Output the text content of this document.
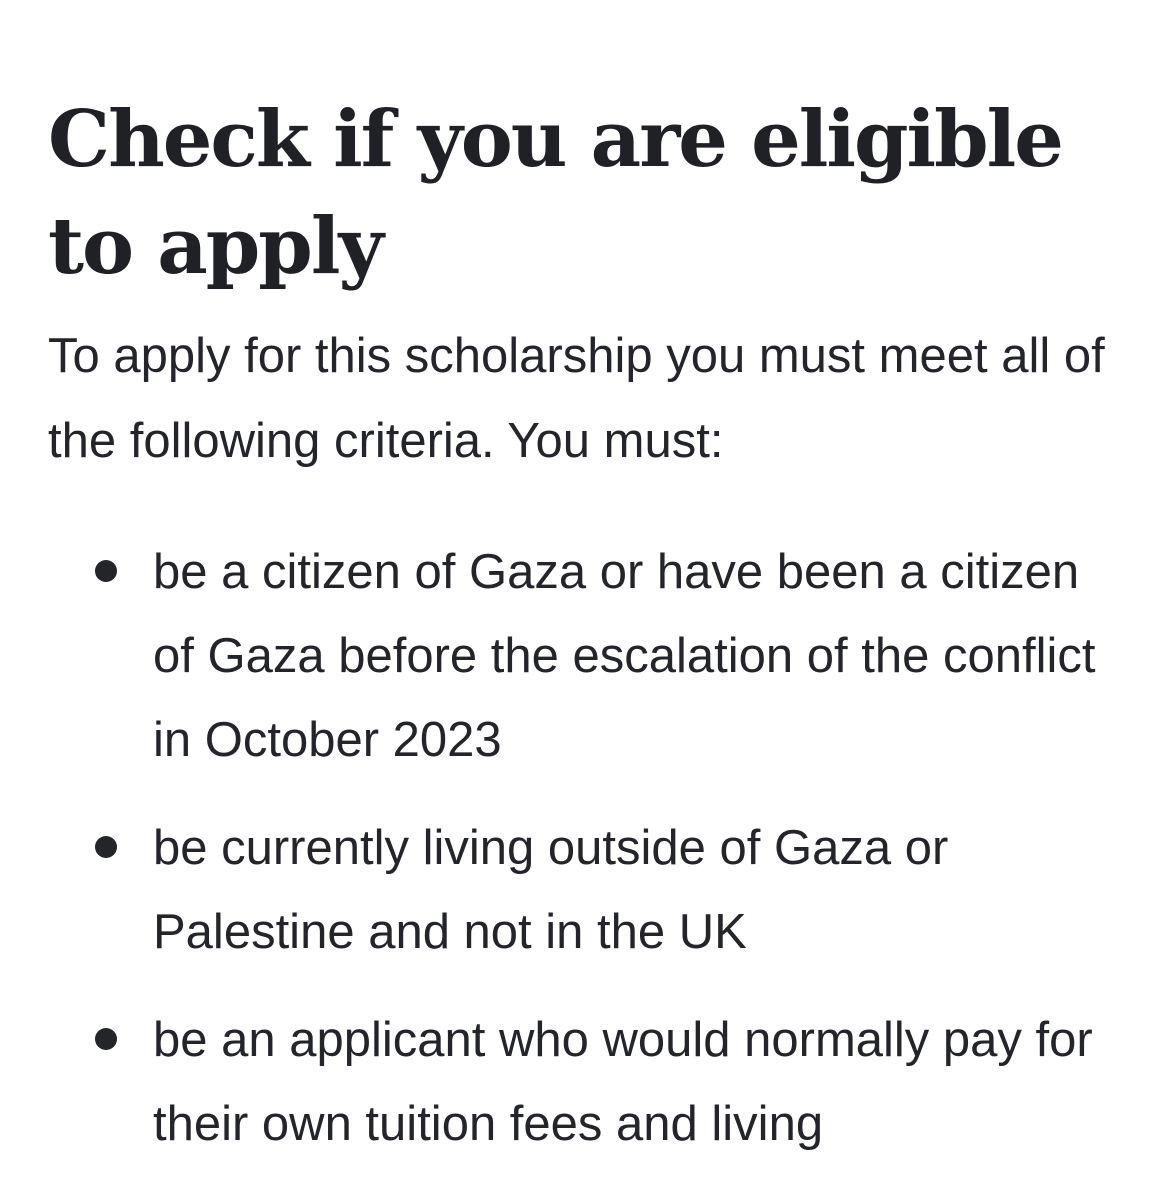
Check if you are eligible to apply

To apply for this scholarship you must meet all of the following criteria. You must:

be a citizen of Gaza or have been a citizen of Gaza before the escalation of the conflict in October 2023
be currently living outside of Gaza or Palestine and not in the UK
be an applicant who would normally pay for their own tuition fees and living
